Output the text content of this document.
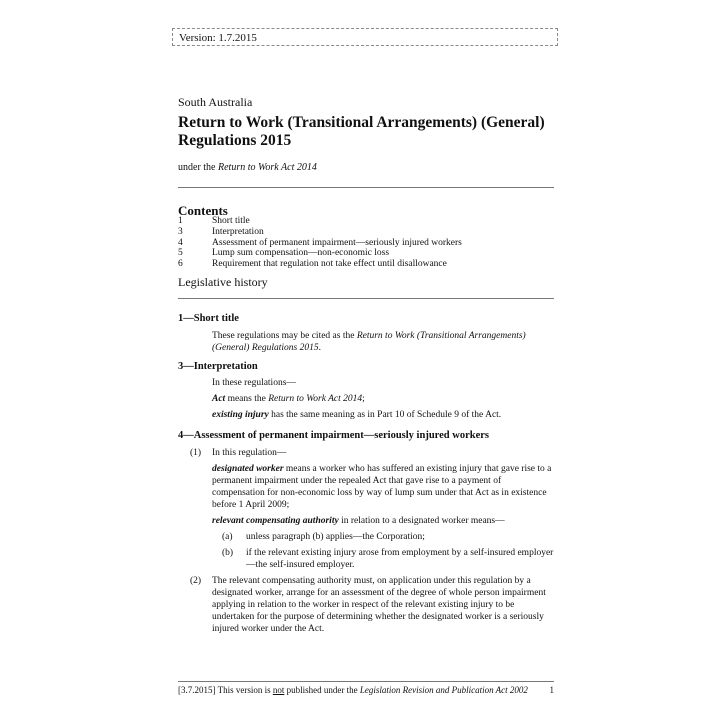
Version: 1.7.2015
South Australia
Return to Work (Transitional Arrangements) (General) Regulations 2015
under the Return to Work Act 2014
Contents
1	Short title
3	Interpretation
4	Assessment of permanent impairment—seriously injured workers
5	Lump sum compensation—non-economic loss
6	Requirement that regulation not take effect until disallowance
Legislative history
1—Short title
These regulations may be cited as the Return to Work (Transitional Arrangements) (General) Regulations 2015.
3—Interpretation
In these regulations—
Act means the Return to Work Act 2014;
existing injury has the same meaning as in Part 10 of Schedule 9 of the Act.
4—Assessment of permanent impairment—seriously injured workers
(1) In this regulation—
designated worker means a worker who has suffered an existing injury that gave rise to a permanent impairment under the repealed Act that gave rise to a payment of compensation for non-economic loss by way of lump sum under that Act as in existence before 1 April 2009;
relevant compensating authority in relation to a designated worker means—
(a) unless paragraph (b) applies—the Corporation;
(b) if the relevant existing injury arose from employment by a self-insured employer—the self-insured employer.
(2) The relevant compensating authority must, on application under this regulation by a designated worker, arrange for an assessment of the degree of whole person impairment applying in relation to the worker in respect of the relevant existing injury to be undertaken for the purpose of determining whether the designated worker is a seriously injured worker under the Act.
[3.7.2015] This version is not published under the Legislation Revision and Publication Act 2002 1
